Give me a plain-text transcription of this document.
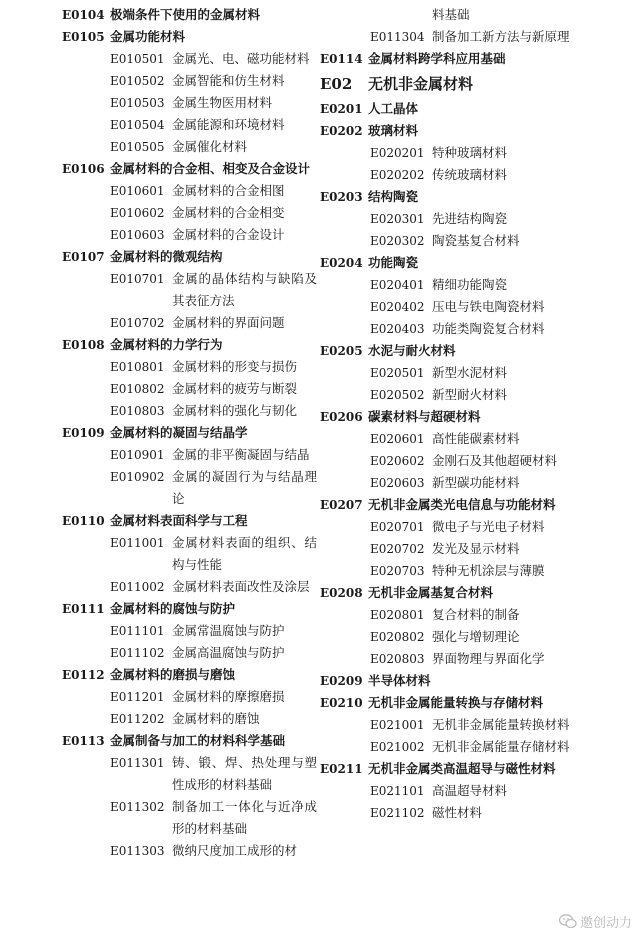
E0104 极端条件下使用的金属材料
E0105 金属功能材料
E010501 金属光、电、磁功能材料
E010502 金属智能和仿生材料
E010503 金属生物医用材料
E010504 金属能源和环境材料
E010505 金属催化材料
E0106 金属材料的合金相、相变及合金设计
E010601 金属材料的合金相图
E010602 金属材料的合金相变
E010603 金属材料的合金设计
E0107 金属材料的微观结构
E010701 金属的晶体结构与缺陷及其表征方法
E010702 金属材料的界面问题
E0108 金属材料的力学行为
E010801 金属材料的形变与损伤
E010802 金属材料的疲劳与断裂
E010803 金属材料的强化与韧化
E0109 金属材料的凝固与结晶学
E010901 金属的非平衡凝固与结晶
E010902 金属的凝固行为与结晶理论
E0110 金属材料表面科学与工程
E011001 金属材料表面的组织、结构与性能
E011002 金属材料表面改性及涂层
E0111 金属材料的腐蚀与防护
E011101 金属常温腐蚀与防护
E011102 金属高温腐蚀与防护
E0112 金属材料的磨损与磨蚀
E011201 金属材料的摩擦磨损
E011202 金属材料的磨蚀
E0113 金属制备与加工的材料科学基础
E011301 铸、锻、焊、热处理与塑性成形的材料基础
E011302 制备加工一体化与近净成形的材料基础
E011303 微纳尺度加工成形的材
料基础
E011304 制备加工新方法与新原理
E0114 金属材料跨学科应用基础
E02 无机非金属材料
E0201 人工晶体
E0202 玻璃材料
E020201 特种玻璃材料
E020202 传统玻璃材料
E0203 结构陶瓷
E020301 先进结构陶瓷
E020302 陶瓷基复合材料
E0204 功能陶瓷
E020401 精细功能陶瓷
E020402 压电与铁电陶瓷材料
E020403 功能类陶瓷复合材料
E0205 水泥与耐火材料
E020501 新型水泥材料
E020502 新型耐火材料
E0206 碳素材料与超硬材料
E020601 高性能碳素材料
E020602 金刚石及其他超硬材料
E020603 新型碳功能材料
E0207 无机非金属类光电信息与功能材料
E020701 微电子与光电子材料
E020702 发光及显示材料
E020703 特种无机涂层与薄膜
E0208 无机非金属基复合材料
E020801 复合材料的制备
E020802 强化与增韧理论
E020803 界面物理与界面化学
E0209 半导体材料
E0210 无机非金属能量转换与存储材料
E021001 无机非金属能量转换材料
E021002 无机非金属能量存储材料
E0211 无机非金属类高温超导与磁性材料
E021101 高温超导材料
E021102 磁性材料
邀创动力
